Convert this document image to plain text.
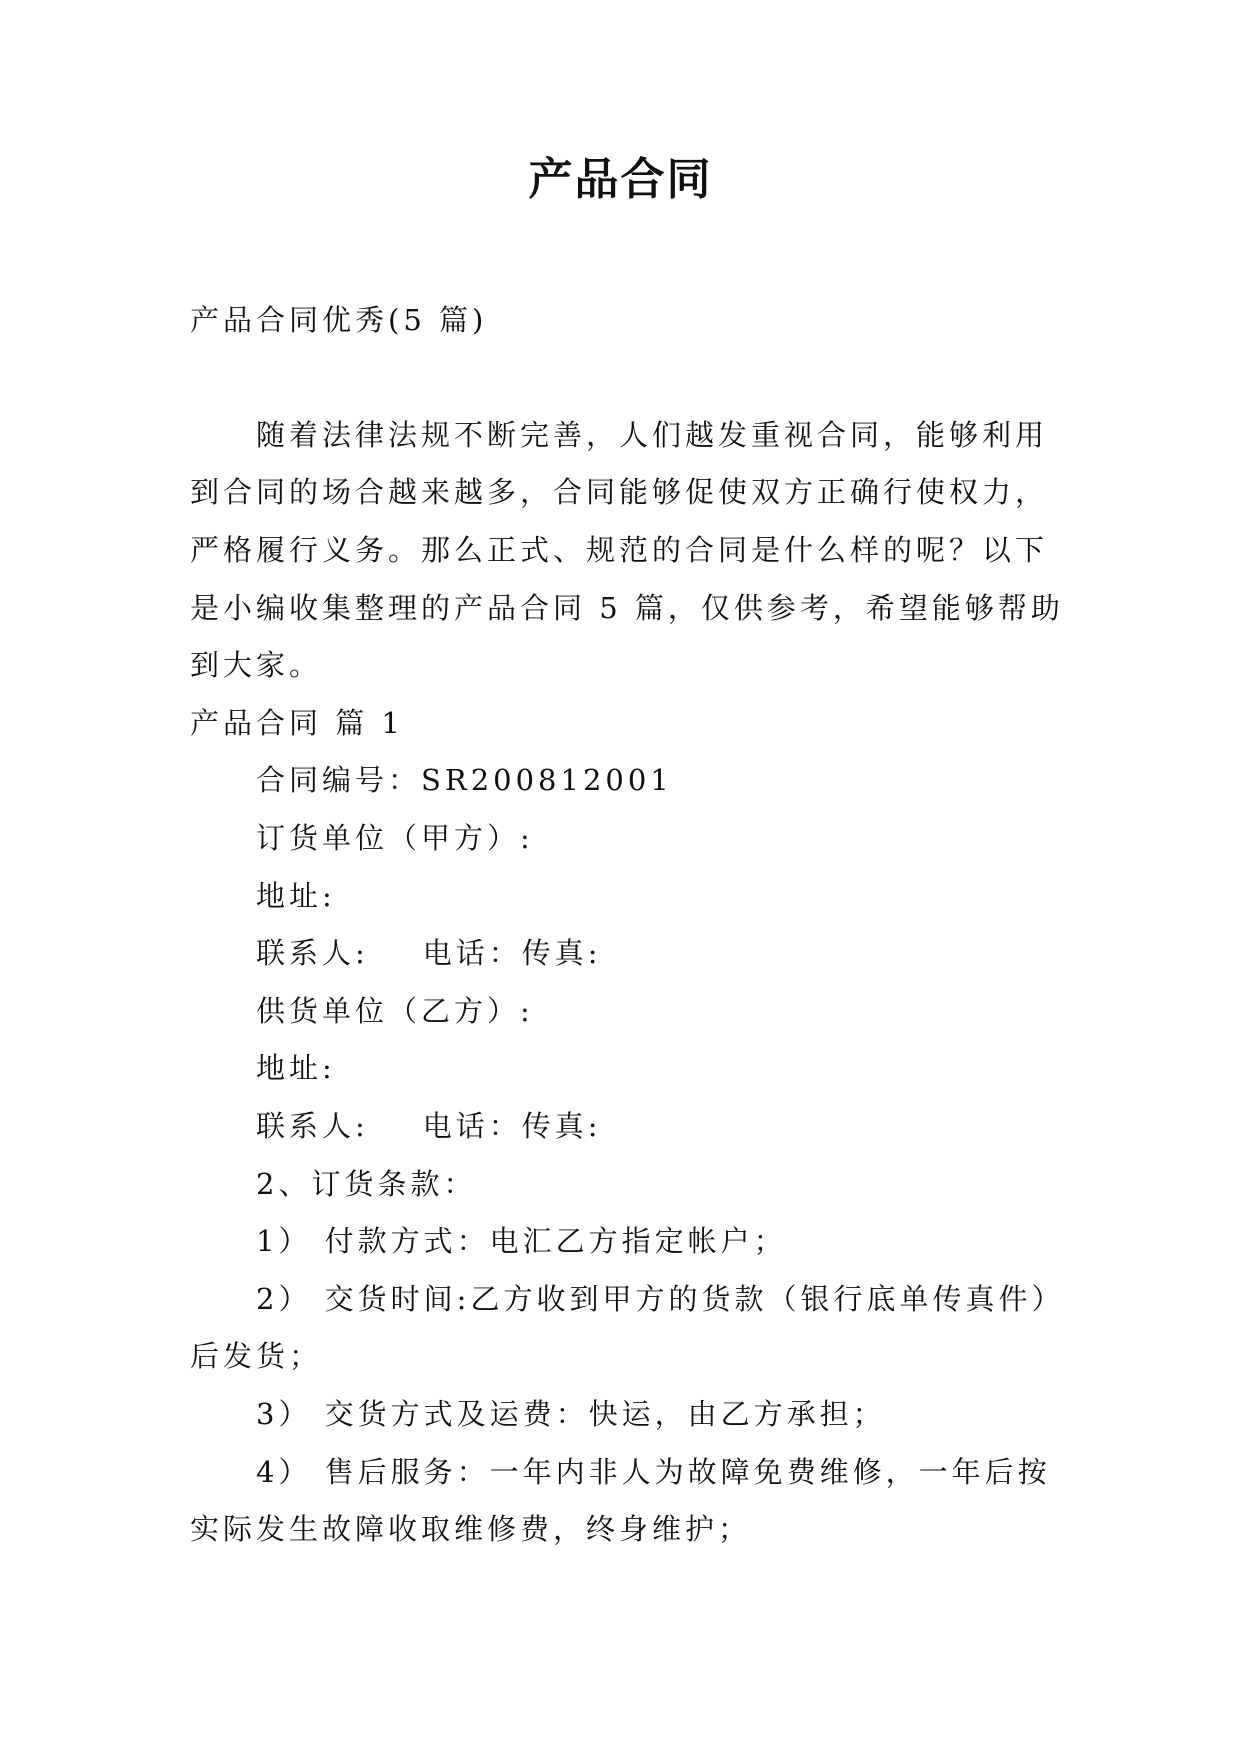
产品合同
产品合同优秀(5 篇)
随着法律法规不断完善，人们越发重视合同，能够利用
到合同的场合越来越多，合同能够促使双方正确行使权力，
严格履行义务。那么正式、规范的合同是什么样的呢？以下
是小编收集整理的产品合同 5 篇，仅供参考，希望能够帮助
到大家。
产品合同 篇 1
合同编号：SR200812001
订货单位（甲方）:
地址:
联系人: 电话：传真:
供货单位（乙方）:
地址:
联系人: 电话：传真:
2、订货条款：
1） 付款方式：电汇乙方指定帐户；
2） 交货时间:乙方收到甲方的货款（银行底单传真件）
后发货；
3） 交货方式及运费：快运，由乙方承担；
4） 售后服务：一年内非人为故障免费维修，一年后按
实际发生故障收取维修费，终身维护；
